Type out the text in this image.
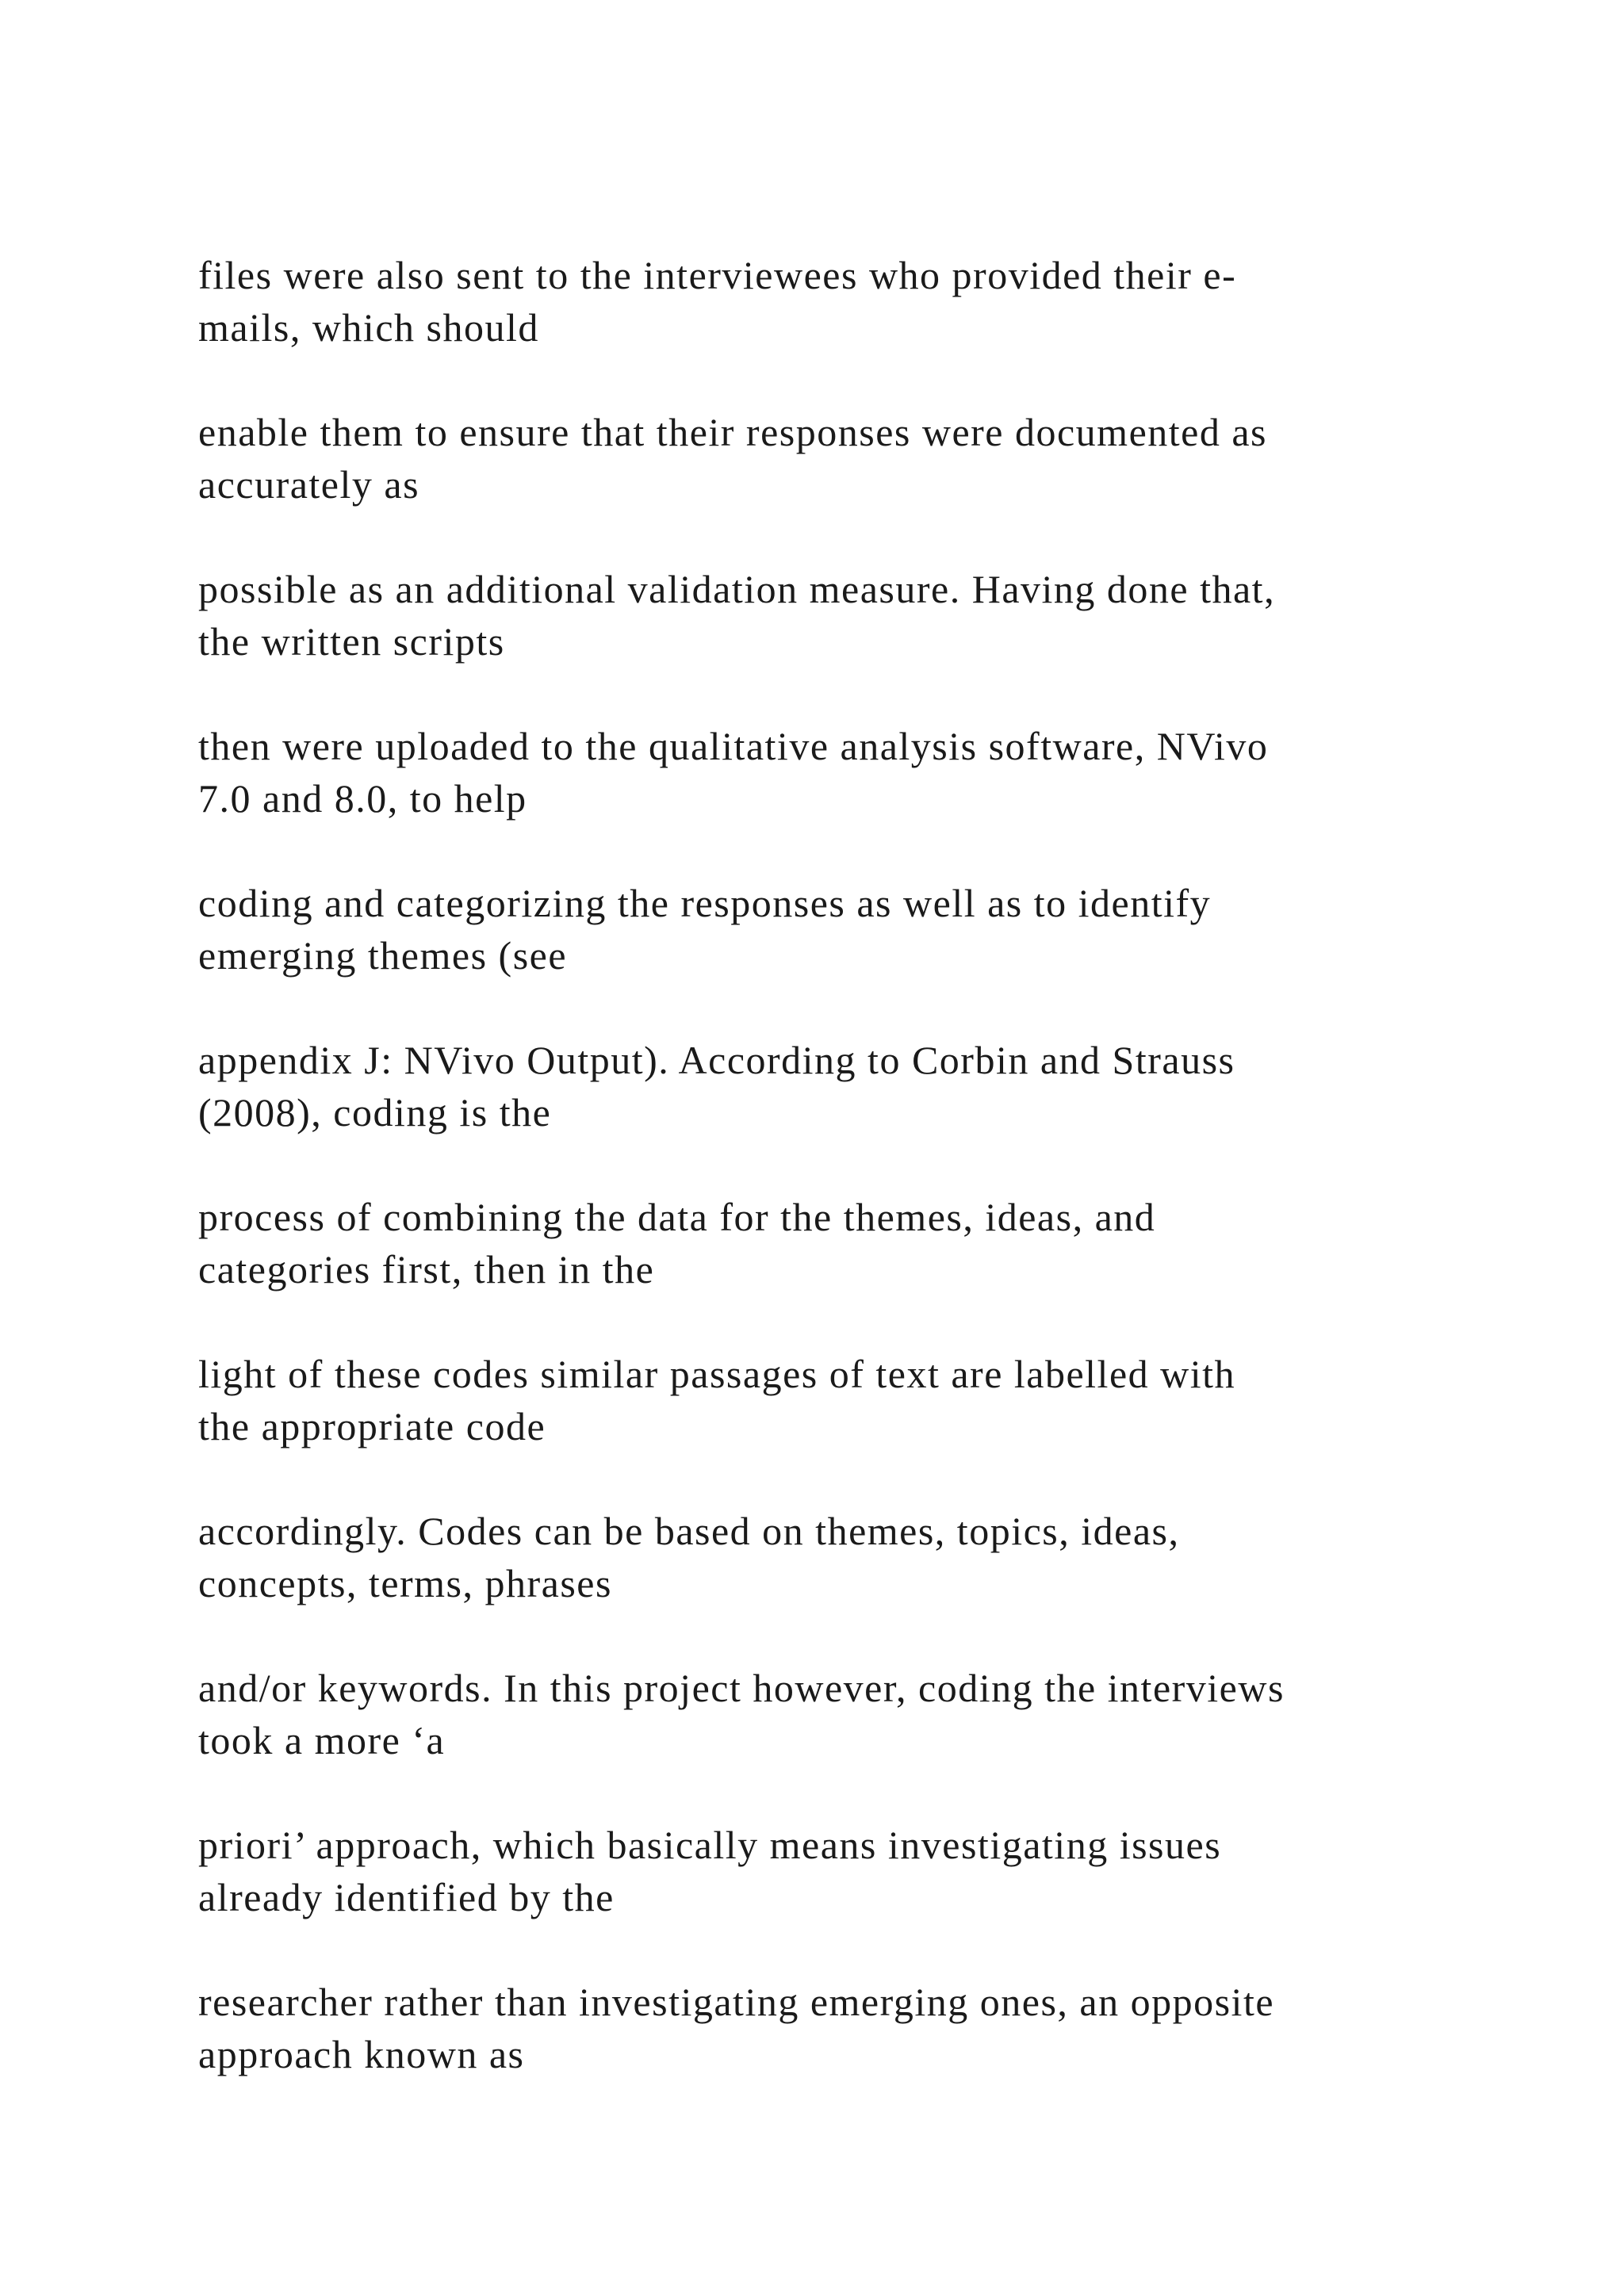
files were also sent to the interviewees who provided their e-
mails, which should

enable them to ensure that their responses were documented as
accurately as

possible as an additional validation measure. Having done that,
the written scripts

then were uploaded to the qualitative analysis software, NVivo
7.0 and 8.0, to help

coding and categorizing the responses as well as to identify
emerging themes (see

appendix J: NVivo Output). According to Corbin and Strauss
(2008), coding is the

process of combining the data for the themes, ideas, and
categories first, then in the

light of these codes similar passages of text are labelled with
the appropriate code

accordingly. Codes can be based on themes, topics, ideas,
concepts, terms, phrases

and/or keywords. In this project however, coding the interviews
took a more ‘a

priori’ approach, which basically means investigating issues
already identified by the

researcher rather than investigating emerging ones, an opposite
approach known as
